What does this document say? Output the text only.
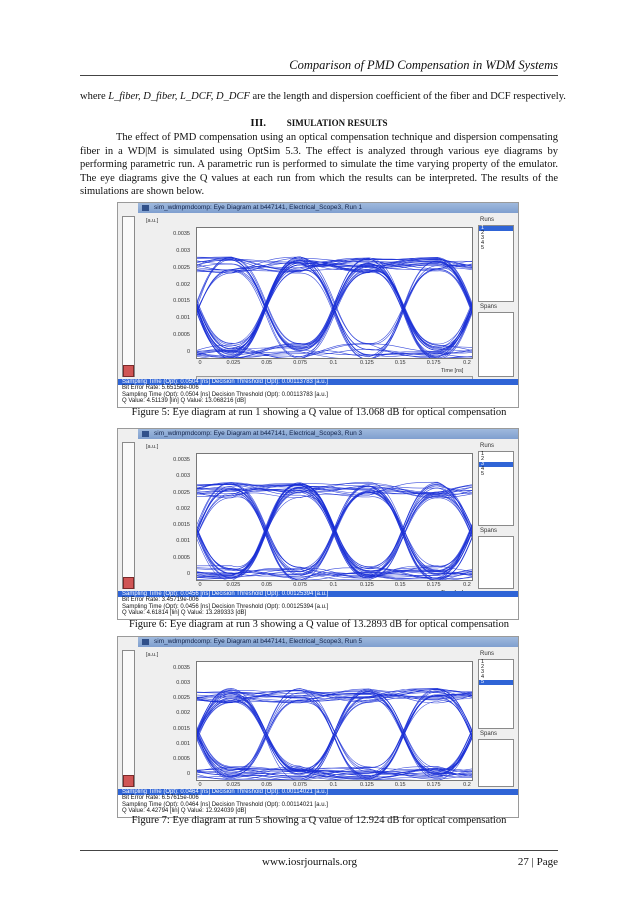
Comparison of PMD Compensation in WDM Systems
where L_fiber, D_fiber, L_DCF, D_DCF are the length and dispersion coefficient of the fiber and DCF respectively.
III. SIMULATION RESULTS

The effect of PMD compensation using an optical compensation technique and dispersion compensating fiber in a WD|M is simulated using OptSim 5.3. The effect is analyzed through various eye diagrams by performing parametric run. A parametric run is performed to simulate the time varying property of the emulator. The eye diagrams give the Q values at each run from which the results can be interpreted. The results of the simulations are shown below.

sim_wdmpmdcomp: Eye Diagram at b447141, Electrical_Scope3, Run 1
[a.u.]
0.0035
0.003
0.0025
0.002
0.0015
0.001
0.0005
0
0	0.025	0.05	0.075	0.1	0.125	0.15	0.175	0.2
Time [ns]
Runs
1
2
3
4
5
Spans
Sampling Time (Opt): 0.0504 [ns] Decision Threshold (Opt): 0.00113783 [a.u.]
Bit Error Rate: 5.65156e-006
Sampling Time (Opt): 0.0504 [ns] Decision Threshold (Opt): 0.00113783 [a.u.]
Q Value: 4.51139 [lin] Q Value: 13.068216 [dB]
Figure 5: Eye diagram at run 1 showing a Q value of 13.068 dB for optical compensation
sim_wdmpmdcomp: Eye Diagram at b447141, Electrical_Scope3, Run 3
[a.u.]
0.0035
0.003
0.0025
0.002
0.0015
0.001
0.0005
0
0	0.025	0.05	0.075	0.1	0.125	0.15	0.175	0.2
Runs
1
2
3
4
5
Spans
Sampling Time (Opt): 0.0456 [ns] Decision Threshold (Opt): 0.00125394 [a.u.]
Bit Error Rate: 3.45719e-006
Sampling Time (Opt): 0.0456 [ns] Decision Threshold (Opt): 0.00125394 [a.u.]
Q Value: 4.61814 [lin] Q Value: 13.289333 [dB]
Figure 6: Eye diagram at run 3 showing a Q value of 13.2893 dB for optical compensation
sim_wdmpmdcomp: Eye Diagram at b447141, Electrical_Scope3, Run 5
[a.u.]
0.0035
0.003
0.0025
0.002
0.0015
0.001
0.0005
0
0	0.025	0.05	0.075	0.1	0.125	0.15	0.175	0.2
Runs
1
2
3
4
5
Spans
Sampling Time (Opt): 0.0464 [ns] Decision Threshold (Opt): 0.00114021 [a.u.]
Bit Error Rate: 6.57615e-006
Sampling Time (Opt): 0.0464 [ns] Decision Threshold (Opt): 0.00114021 [a.u.]
Q Value: 4.42794 [lin] Q Value: 12.924039 [dB]
Figure 7: Eye diagram at run 5 showing a Q value of 12.924 dB for optical compensation
www.iosrjournals.org	27 | Page
